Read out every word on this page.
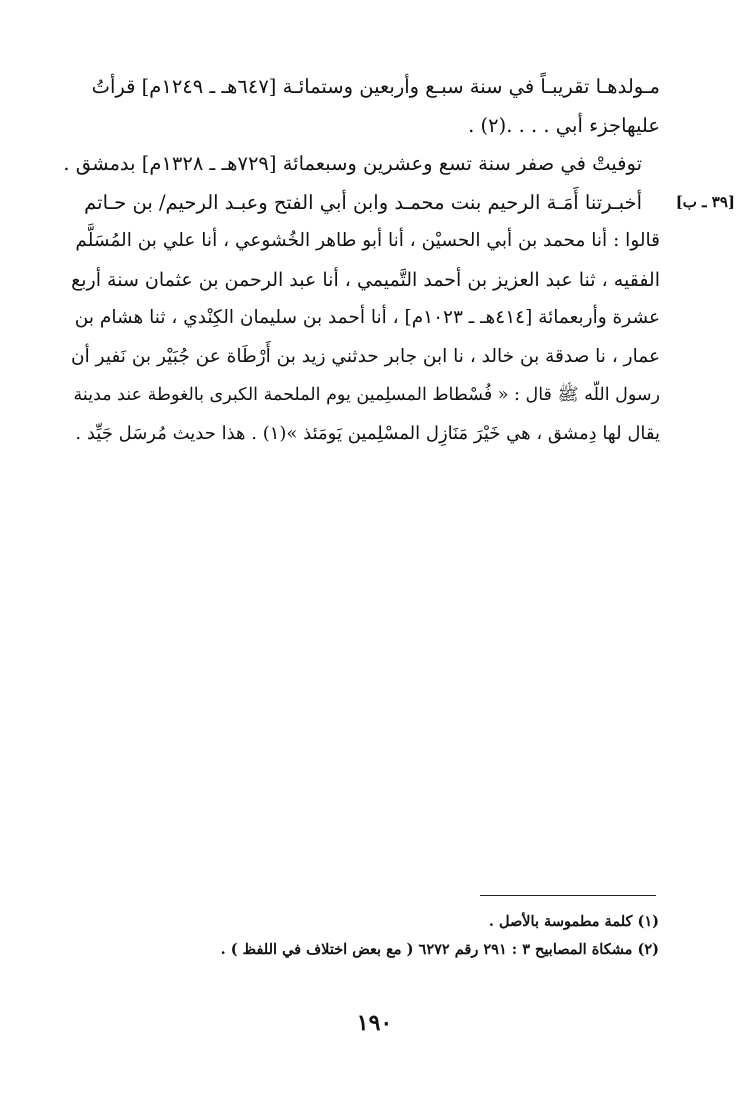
مـولدهـا تقريبـاً في سنة سبـع وأربعين وستمائـة [٦٤٧هـ ـ ١٢٤٩م] قرأتُ
عليهاجزء أبي . . . .(٢) .
توفيتْ في صفر سنة تسع وعشرين وسبعمائة [٧٢٩هـ ـ ١٣٢٨م] بدمشق .
أخبـرتنا أَمَـة الرحيم بنت محمـد وابن أبي الفتح وعبـد الرحيم/ بن حـاتم
قالوا : أنا محمد بن أبي الحسيْن ، أنا أبو طاهر الخُشوعي ، أنا علي بن المُسَلَّم
الفقيه ، ثنا عبد العزيز بن أحمد التَّميمي ، أنا عبد الرحمن بن عثمان سنة أربع
عشرة وأربعمائة [٤١٤هـ ـ ١٠٢٣م] ، أنا أحمد بن سليمان الكِنْدي ، ثنا هشام بن
عمار ، نا صدقة بن خالد ، نا ابن جابر حدثني زيد بن أَرْطَاة عن جُبَيْر بن نَفير أن
رسول اللّه ﷺ قال : « فُسْطاط المسلِمين يوم الملحمة الكبرى بالغوطة عند مدينة
يقال لها دِمشق ، هي خَيْرَ مَنَازِل المسْلِمين يَومَئذ »(١) . هذا حديث مُرسَل جَيِّد .
[٣٩ ـ ب]
(١) كلمة مطموسة بالأصل .
(٢) مشكاة المصابيح ٣ : ٢٩١ رقم ٦٢٧٢ ( مع بعض اختلاف في اللفظ ) .
١٩٠
